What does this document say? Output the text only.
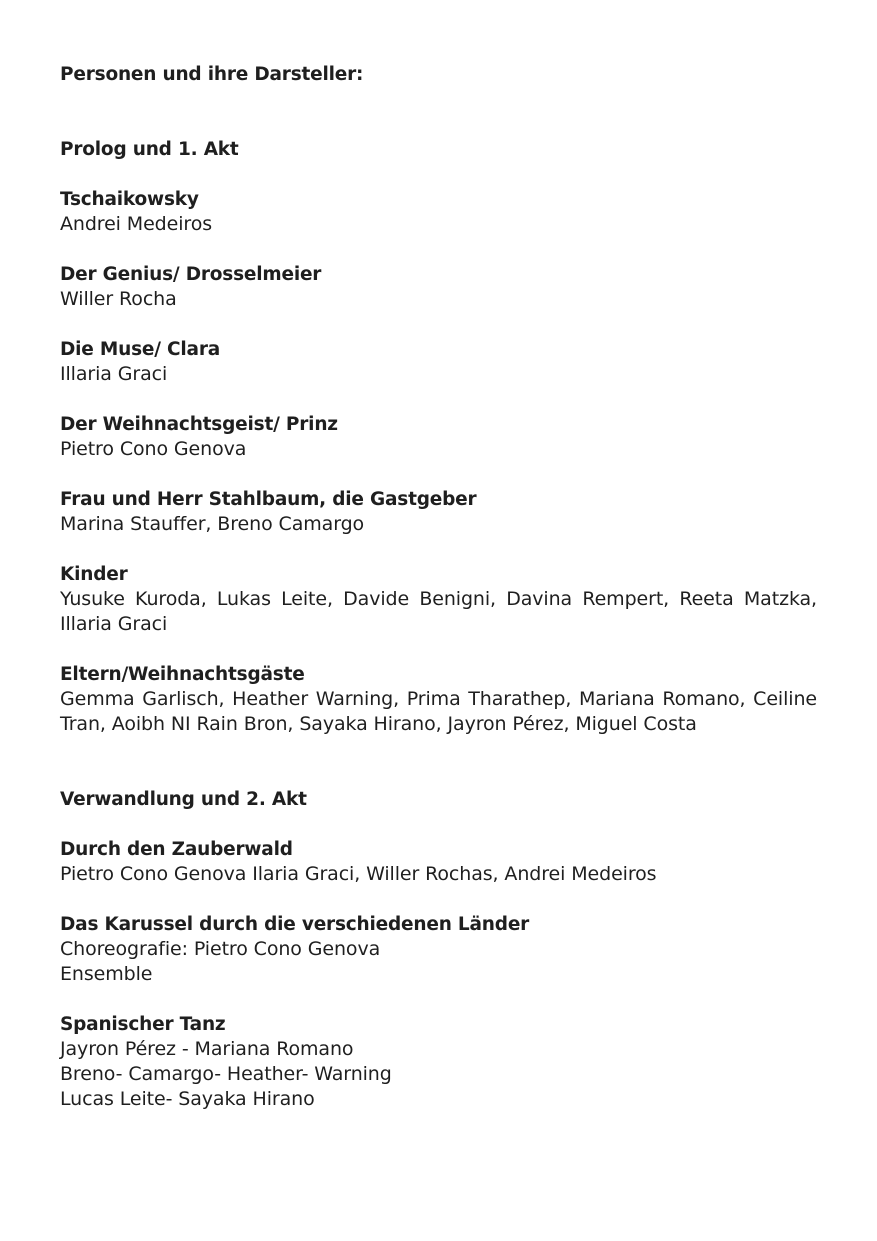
Personen und ihre Darsteller:
Prolog und 1. Akt
Tschaikowsky
Andrei Medeiros
Der Genius/ Drosselmeier
Willer Rocha
Die Muse/ Clara
Illaria Graci
Der Weihnachtsgeist/ Prinz
Pietro Cono Genova
Frau und Herr Stahlbaum, die Gastgeber
Marina Stauffer, Breno Camargo
Kinder
Yusuke Kuroda, Lukas Leite, Davide Benigni, Davina Rempert, Reeta Matzka, Illaria Graci
Eltern/Weihnachtsgäste
Gemma Garlisch, Heather Warning, Prima Tharathep, Mariana Romano, Ceiline Tran, Aoibh NI Rain Bron, Sayaka Hirano, Jayron Pérez, Miguel Costa
Verwandlung und 2. Akt
Durch den Zauberwald
Pietro Cono Genova Ilaria Graci, Willer Rochas, Andrei Medeiros
Das Karussel durch die verschiedenen Länder
Choreografie: Pietro Cono Genova
Ensemble
Spanischer Tanz
Jayron Pérez - Mariana Romano
Breno- Camargo- Heather- Warning
Lucas Leite- Sayaka Hirano
